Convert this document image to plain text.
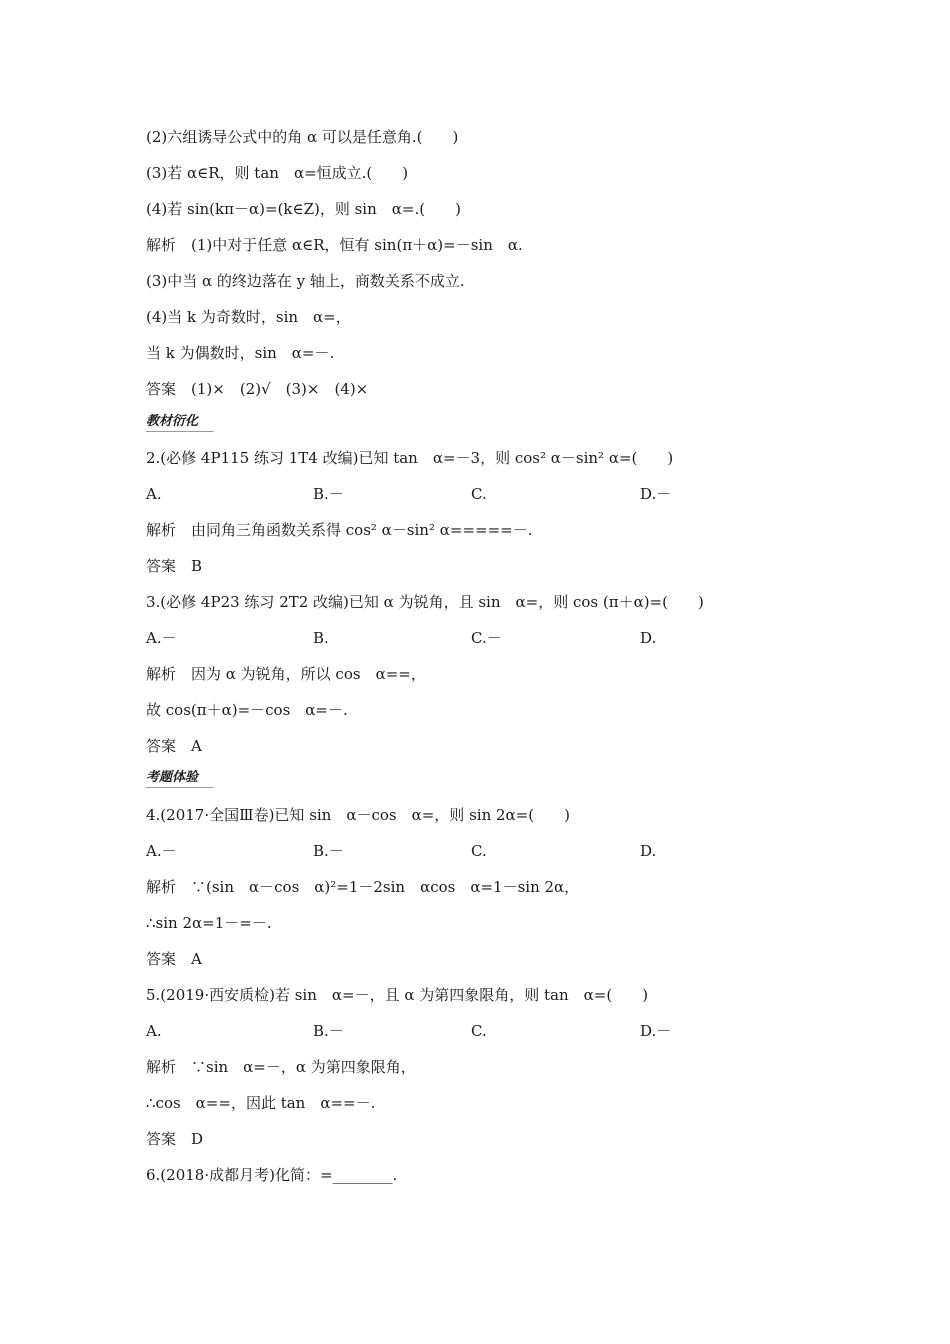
(2)六组诱导公式中的角 α 可以是任意角.(　　)
(3)若 α∈R，则 tan　α=恒成立.(　　)
(4)若 sin(kπ－α)=(k∈Z)，则 sin　α=.(　　)
解析　(1)中对于任意 α∈R，恒有 sin(π＋α)=－sin　α.
(3)中当 α 的终边落在 y 轴上，商数关系不成立.
(4)当 k 为奇数时，sin　α=，
当 k 为偶数时，sin　α=－.
答案　(1)×　(2)√　(3)×　(4)×
教材衍化
2.(必修 4P115 练习 1T4 改编)已知 tan　α=－3，则 cos² α－sin² α=(　　)
A.	B.－	C.	D.－
解析　由同角三角函数关系得 cos² α－sin² α=====－.
答案　B
3.(必修 4P23 练习 2T2 改编)已知 α 为锐角，且 sin　α=，则 cos (π＋α)=(　　)
A.－	B.	C.－	D.
解析　因为 α 为锐角，所以 cos　α==，
故 cos(π＋α)=－cos　α=－.
答案　A
考题体验
4.(2017·全国Ⅲ卷)已知 sin　α－cos　α=，则 sin 2α=(　　)
A.－	B.－	C.	D.
解析　∵(sin　α－cos　α)²=1－2sin　αcos　α=1－sin 2α，
∴sin 2α=1－=－.
答案　A
5.(2019·西安质检)若 sin　α=－，且 α 为第四象限角，则 tan　α=(　　)
A.	B.－	C.	D.－
解析　∵sin　α=－，α 为第四象限角，
∴cos　α==，因此 tan　α==－.
答案　D
6.(2018·成都月考)化简：=________.
